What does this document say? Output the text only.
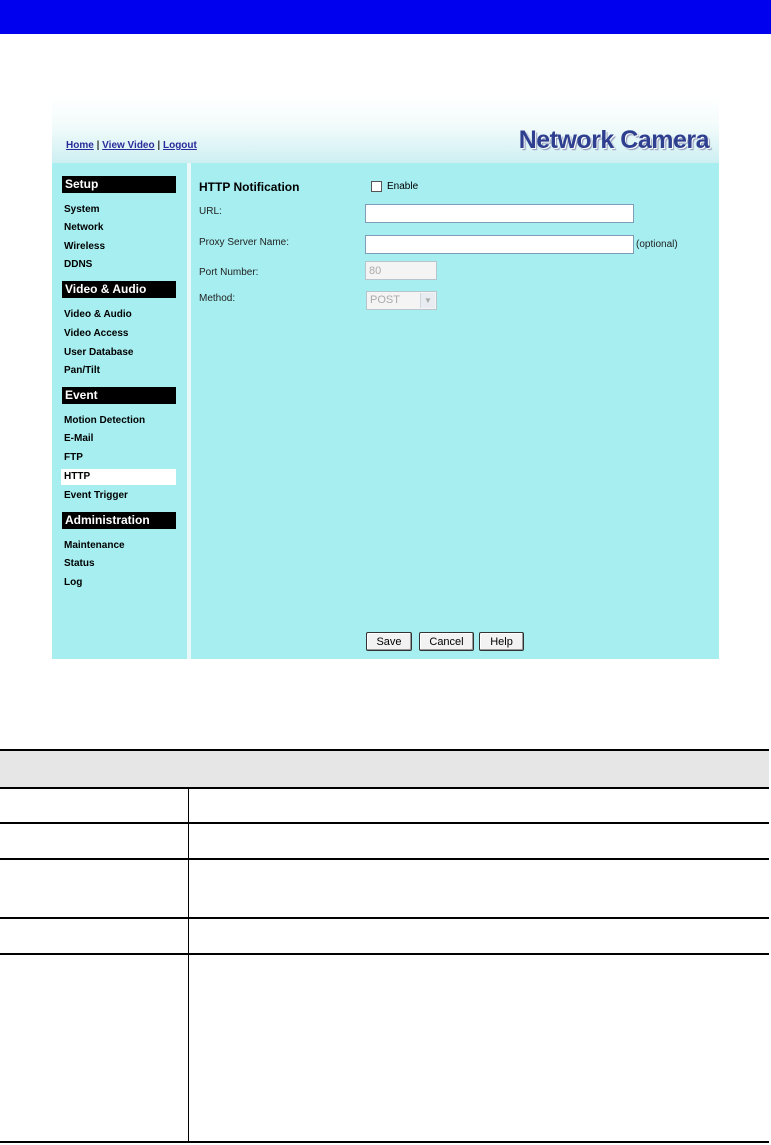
Home | View Video | Logout	Network Camera
Setup
System
Network
Wireless
DDNS
Video & Audio
Video & Audio
Video Access
User Database
Pan/Tilt
Event
Motion Detection
E-Mail
FTP
HTTP
Event Trigger
Administration
Maintenance
Status
Log
HTTP Notification	Enable
URL:
Proxy Server Name:	(optional)
Port Number:
80
Method:	POST	▼
Save	Cancel	Help
